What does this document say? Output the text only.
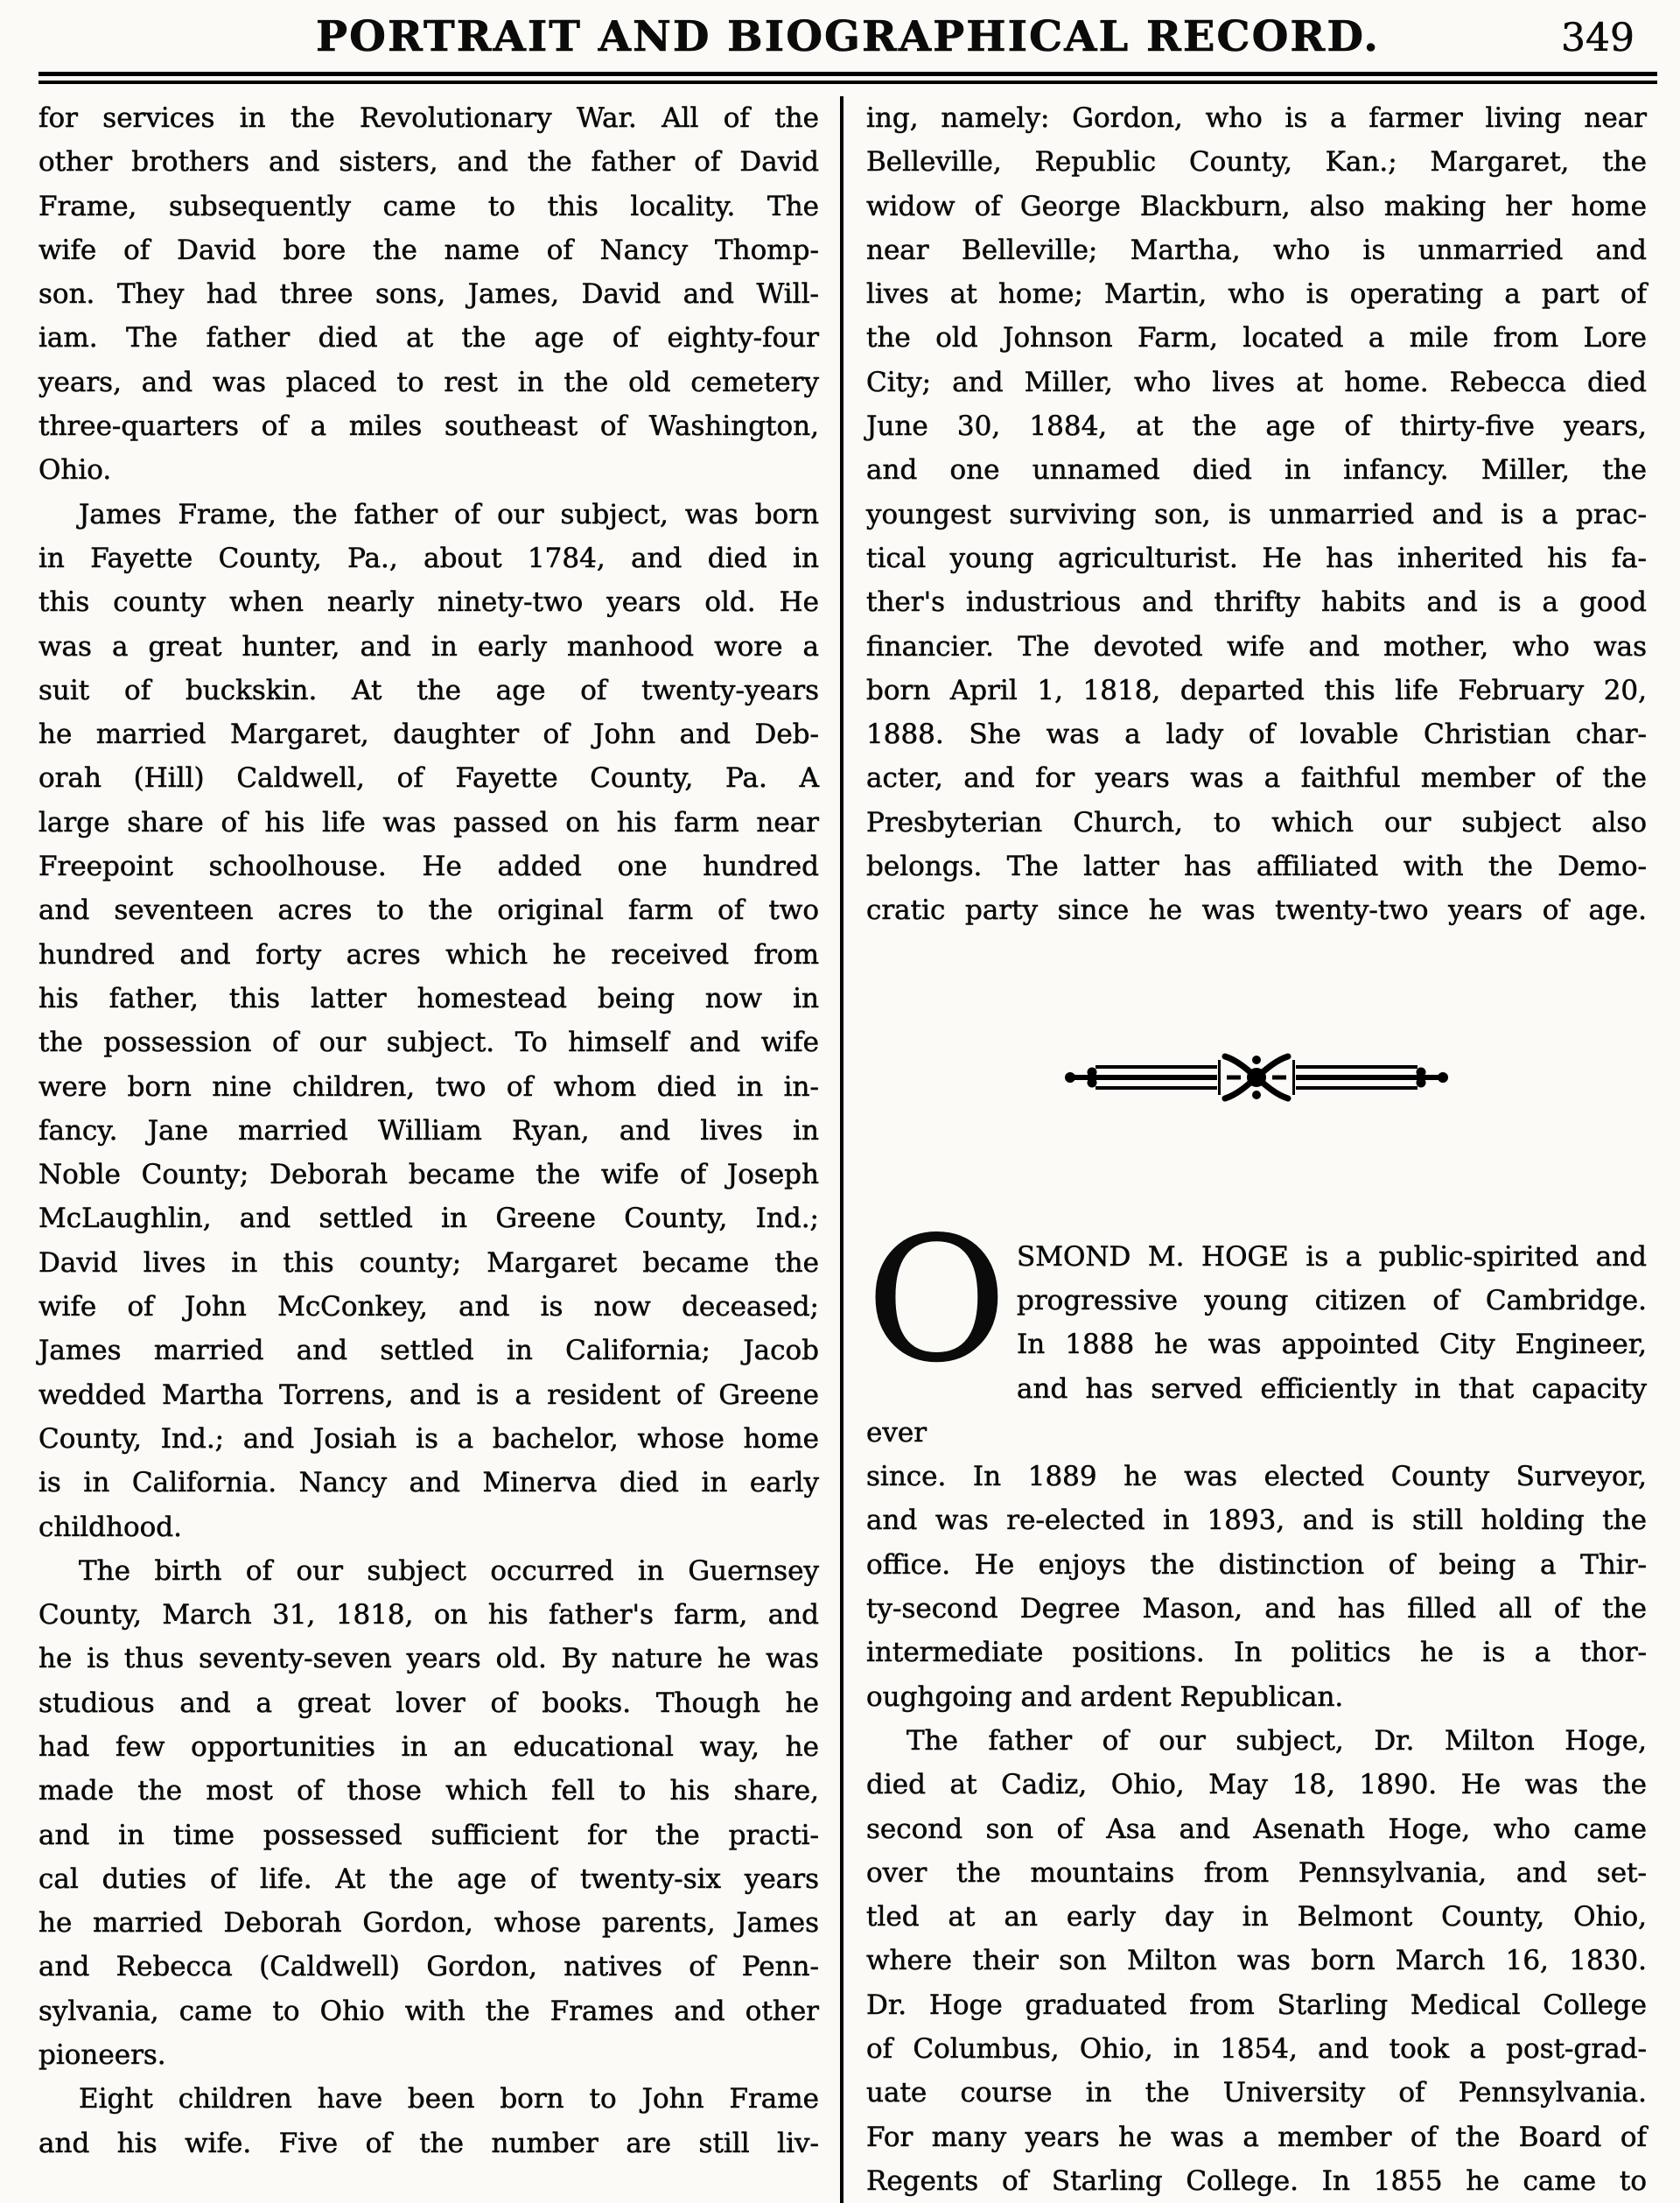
PORTRAIT AND BIOGRAPHICAL RECORD.	349
for services in the Revolutionary War. All of the
other brothers and sisters, and the father of David
Frame, subsequently came to this locality. The
wife of David bore the name of Nancy Thomp-
son. They had three sons, James, David and Will-
iam. The father died at the age of eighty-four
years, and was placed to rest in the old cemetery
three-quarters of a miles southeast of Washington,
Ohio.
James Frame, the father of our subject, was born
in Fayette County, Pa., about 1784, and died in
this county when nearly ninety-two years old. He
was a great hunter, and in early manhood wore a
suit of buckskin. At the age of twenty-years
he married Margaret, daughter of John and Deb-
orah (Hill) Caldwell, of Fayette County, Pa. A
large share of his life was passed on his farm near
Freepoint schoolhouse. He added one hundred
and seventeen acres to the original farm of two
hundred and forty acres which he received from
his father, this latter homestead being now in
the possession of our subject. To himself and wife
were born nine children, two of whom died in in-
fancy. Jane married William Ryan, and lives in
Noble County; Deborah became the wife of Joseph
McLaughlin, and settled in Greene County, Ind.;
David lives in this county; Margaret became the
wife of John McConkey, and is now deceased;
James married and settled in California; Jacob
wedded Martha Torrens, and is a resident of Greene
County, Ind.; and Josiah is a bachelor, whose home
is in California. Nancy and Minerva died in early
childhood.
The birth of our subject occurred in Guernsey
County, March 31, 1818, on his father's farm, and
he is thus seventy-seven years old. By nature he was
studious and a great lover of books. Though he
had few opportunities in an educational way, he
made the most of those which fell to his share,
and in time possessed sufficient for the practi-
cal duties of life. At the age of twenty-six years
he married Deborah Gordon, whose parents, James
and Rebecca (Caldwell) Gordon, natives of Penn-
sylvania, came to Ohio with the Frames and other
pioneers.
Eight children have been born to John Frame
and his wife. Five of the number are still liv-
ing, namely: Gordon, who is a farmer living near
Belleville, Republic County, Kan.; Margaret, the
widow of George Blackburn, also making her home
near Belleville; Martha, who is unmarried and
lives at home; Martin, who is operating a part of
the old Johnson Farm, located a mile from Lore
City; and Miller, who lives at home. Rebecca died
June 30, 1884, at the age of thirty-five years,
and one unnamed died in infancy. Miller, the
youngest surviving son, is unmarried and is a prac-
tical young agriculturist. He has inherited his fa-
ther's industrious and thrifty habits and is a good
financier. The devoted wife and mother, who was
born April 1, 1818, departed this life February 20,
1888. She was a lady of lovable Christian char-
acter, and for years was a faithful member of the
Presbyterian Church, to which our subject also
belongs. The latter has affiliated with the Demo-
cratic party since he was twenty-two years of age.
O SMOND M. HOGE is a public-spirited and
progressive young citizen of Cambridge.
In 1888 he was appointed City Engineer,
and has served efficiently in that capacity ever
since. In 1889 he was elected County Surveyor,
and was re-elected in 1893, and is still holding the
office. He enjoys the distinction of being a Thir-
ty-second Degree Mason, and has filled all of the
intermediate positions. In politics he is a thor-
oughgoing and ardent Republican.
The father of our subject, Dr. Milton Hoge,
died at Cadiz, Ohio, May 18, 1890. He was the
second son of Asa and Asenath Hoge, who came
over the mountains from Pennsylvania, and set-
tled at an early day in Belmont County, Ohio,
where their son Milton was born March 16, 1830.
Dr. Hoge graduated from Starling Medical College
of Columbus, Ohio, in 1854, and took a post-grad-
uate course in the University of Pennsylvania.
For many years he was a member of the Board of
Regents of Starling College. In 1855 he came to
